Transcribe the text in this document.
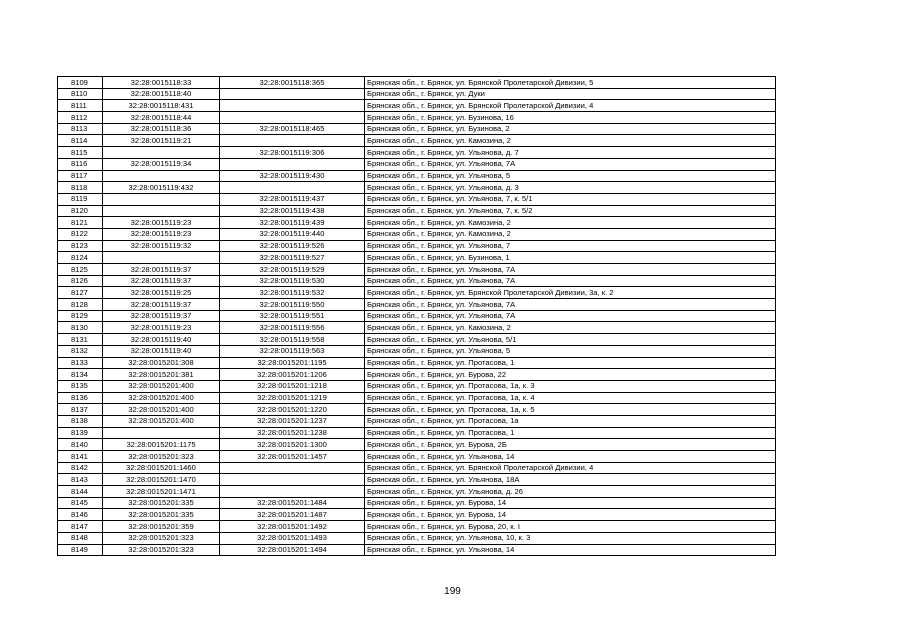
8109	32:28:0015118:33	32:28:0015118:365	Брянская обл., г. Брянск, ул. Брянской Пролетарской Дивизии, 5
8110	32:28:0015118:40		Брянская обл., г. Брянск, ул. Дуки
8111	32:28:0015118:431		Брянская обл., г. Брянск, ул. Брянской Пролетарской Дивизии, 4
8112	32:28:0015118:44		Брянская обл., г. Брянск, ул. Бузинова, 16
8113	32:28:0015118:36	32:28:0015118:465	Брянская обл., г. Брянск, ул. Бузинова, 2
8114	32:28:0015119:21		Брянская обл., г. Брянск, ул. Камозина, 2
8115		32:28:0015119:306	Брянская обл., г. Брянск, ул. Ульянова, д. 7
8116	32:28:0015119:34		Брянская обл., г. Брянск, ул. Ульянова, 7А
8117		32:28:0015119:430	Брянская обл., г. Брянск, ул. Ульянова, 5
8118	32:28:0015119:432		Брянская обл., г. Брянск, ул. Ульянова, д. 3
8119		32:28:0015119:437	Брянская обл., г. Брянск, ул. Ульянова, 7, к. 5/1
8120		32:28:0015119:438	Брянская обл., г. Брянск, ул. Ульянова, 7, к. 5/2
8121	32:28:0015119:23	32:28:0015119:439	Брянская обл., г. Брянск, ул. Камозина, 2
8122	32:28:0015119:23	32:28:0015119:440	Брянская обл., г. Брянск, ул. Камозина, 2
8123	32:28:0015119:32	32:28:0015119:526	Брянская обл., г. Брянск, ул. Ульянова, 7
8124		32:28:0015119:527	Брянская обл., г. Брянск, ул. Бузинова, 1
8125	32:28:0015119:37	32:28:0015119:529	Брянская обл., г. Брянск, ул. Ульянова, 7А
8126	32:28:0015119:37	32:28:0015119:530	Брянская обл., г. Брянск, ул. Ульянова, 7А
8127	32:28:0015119:25	32:28:0015119:532	Брянская обл., г. Брянск, ул. Брянской Пролетарской Дивизии, 3а, к. 2
8128	32:28:0015119:37	32:28:0015119:550	Брянская обл., г. Брянск, ул. Ульянова, 7А
8129	32:28:0015119:37	32:28:0015119:551	Брянская обл., г. Брянск, ул. Ульянова, 7А
8130	32:28:0015119:23	32:28:0015119:556	Брянская обл., г. Брянск, ул. Камозина, 2
8131	32:28:0015119:40	32:28:0015119:558	Брянская обл., г. Брянск, ул. Ульянова, 5/1
8132	32:28:0015119:40	32:28:0015119:563	Брянская обл., г. Брянск, ул. Ульянова, 5
8133	32:28:0015201:308	32:28:0015201:1195	Брянская обл., г. Брянск, ул. Протасова, 1
8134	32:28:0015201:381	32:28:0015201:1206	Брянская обл., г. Брянск, ул. Бурова, 22
8135	32:28:0015201:400	32:28:0015201:1218	Брянская обл., г. Брянск, ул. Протасова, 1а, к. 3
8136	32:28:0015201:400	32:28:0015201:1219	Брянская обл., г. Брянск, ул. Протасова, 1а, к. 4
8137	32:28:0015201:400	32:28:0015201:1220	Брянская обл., г. Брянск, ул. Протасова, 1а, к. 5
8138	32:28:0015201:400	32:28:0015201:1237	Брянская обл., г. Брянск, ул. Протасова, 1а
8139		32:28:0015201:1238	Брянская обл., г. Брянск, ул. Протасова, 1
8140	32:28:0015201:1175	32:28:0015201:1300	Брянская обл., г. Брянск, ул. Бурова, 2Б
8141	32:28:0015201:323	32:28:0015201:1457	Брянская обл., г. Брянск, ул. Ульянова, 14
8142	32:28:0015201:1460		Брянская обл., г. Брянск, ул. Брянской Пролетарской Дивизии, 4
8143	32:28:0015201:1470		Брянская обл., г. Брянск, ул. Ульянова, 18А
8144	32:28:0015201:1471		Брянская обл., г. Брянск, ул. Ульянова, д. 26
8145	32:28:0015201:335	32:28:0015201:1484	Брянская обл., г. Брянск, ул. Бурова, 14
8146	32:28:0015201:335	32:28:0015201:1487	Брянская обл., г. Брянск, ул. Бурова, 14
8147	32:28:0015201:359	32:28:0015201:1492	Брянская обл., г. Брянск, ул. Бурова, 20, к. I
8148	32:28:0015201:323	32:28:0015201:1493	Брянская обл., г. Брянск, ул. Ульянова, 10, к. 3
8149	32:28:0015201:323	32:28:0015201:1494	Брянская обл., г. Брянск, ул. Ульянова, 14
199
